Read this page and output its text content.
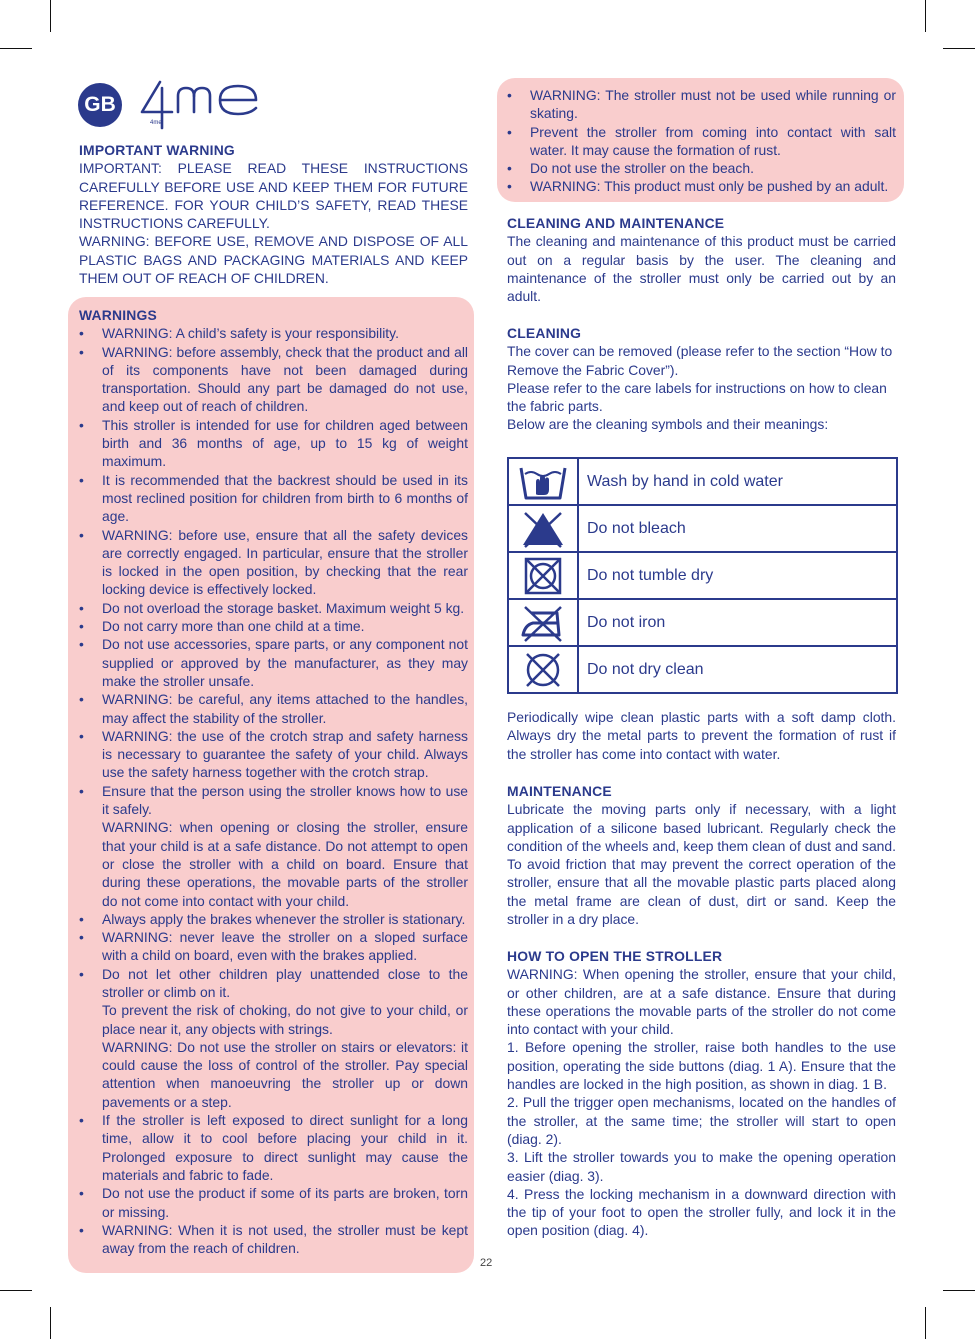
GB
4me

IMPORTANT WARNING

IMPORTANT: PLEASE READ THESE INSTRUCTIONS CAREFULLY BEFORE USE AND KEEP THEM FOR FUTURE REFERENCE. FOR YOUR CHILD’S SAFETY, READ THESE INSTRUCTIONS CAREFULLY.

WARNING: BEFORE USE, REMOVE AND DISPOSE OF ALL PLASTIC BAGS AND PACKAGING MATERIALS AND KEEP THEM OUT OF REACH OF CHILDREN.

WARNINGS

• WARNING: A child’s safety is your responsibility.
• WARNING: before assembly, check that the product and all of its components have not been damaged during transportation. Should any part be damaged do not use, and keep out of reach of children.
• This stroller is intended for use for children aged between birth and 36 months of age, up to 15 kg of weight maximum.
• It is recommended that the backrest should be used in its most reclined position for children from birth to 6 months of age.
• WARNING: before use, ensure that all the safety devices are correctly engaged. In particular, ensure that the stroller is locked in the open position, by checking that the rear locking device is effectively locked.
• Do not overload the storage basket. Maximum weight 5 kg.
• Do not carry more than one child at a time.
• Do not use accessories, spare parts, or any component not supplied or approved by the manufacturer, as they may make the stroller unsafe.
• WARNING: be careful, any items attached to the handles, may affect the stability of the stroller.
• WARNING: the use of the crotch strap and safety harness is necessary to guarantee the safety of your child. Always use the safety harness together with the crotch strap.
• Ensure that the person using the stroller knows how to use it safely.
WARNING: when opening or closing the stroller, ensure that your child is at a safe distance. Do not attempt to open or close the stroller with a child on board. Ensure that during these operations, the movable parts of the stroller do not come into contact with your child.
• Always apply the brakes whenever the stroller is stationary.
• WARNING: never leave the stroller on a sloped surface with a child on board, even with the brakes applied.
• Do not let other children play unattended close to the stroller or climb on it.
To prevent the risk of choking, do not give to your child, or place near it, any objects with strings.
WARNING: Do not use the stroller on stairs or elevators: it could cause the loss of control of the stroller. Pay special attention when manoeuvring the stroller up or down pavements or a step.
• If the stroller is left exposed to direct sunlight for a long time, allow it to cool before placing your child in it. Prolonged exposure to direct sunlight may cause the materials and fabric to fade.
• Do not use the product if some of its parts are broken, torn or missing.
• WARNING: When it is not used, the stroller must be kept away from the reach of children.
22
• WARNING: The stroller must not be used while running or skating.
• Prevent the stroller from coming into contact with salt water. It may cause the formation of rust.
• Do not use the stroller on the beach.
• WARNING: This product must only be pushed by an adult.

CLEANING AND MAINTENANCE

The cleaning and maintenance of this product must be carried out on a regular basis by the user. The cleaning and maintenance of the stroller must only be carried out by an adult.

CLEANING

The cover can be removed (please refer to the section “How to Remove the Fabric Cover”).

Please refer to the care labels for instructions on how to clean the fabric parts.

Below are the cleaning symbols and their meanings:

	Wash by hand in cold water

	Do not bleach

	Do not tumble dry

	Do not iron

	Do not dry clean
Periodically wipe clean plastic parts with a soft damp cloth. Always dry the metal parts to prevent the formation of rust if the stroller has come into contact with water.

MAINTENANCE

Lubricate the moving parts only if necessary, with a light application of a silicone based lubricant. Regularly check the condition of the wheels and, keep them clean of dust and sand. To avoid friction that may prevent the correct operation of the stroller, ensure that all the movable plastic parts placed along the metal frame are clean of dust, dirt or sand. Keep the stroller in a dry place.

HOW TO OPEN THE STROLLER

WARNING: When opening the stroller, ensure that your child, or other children, are at a safe distance. Ensure that during these operations the movable parts of the stroller do not come into contact with your child.

1. Before opening the stroller, raise both handles to the use position, operating the side buttons (diag. 1 A). Ensure that the handles are locked in the high position, as shown in diag. 1 B.

2. Pull the trigger open mechanisms, located on the handles of the stroller, at the same time; the stroller will start to open (diag. 2).

3. Lift the stroller towards you to make the opening operation easier (diag. 3).

4. Press the locking mechanism in a downward direction with the tip of your foot to open the stroller fully, and lock it in the open position (diag. 4).
